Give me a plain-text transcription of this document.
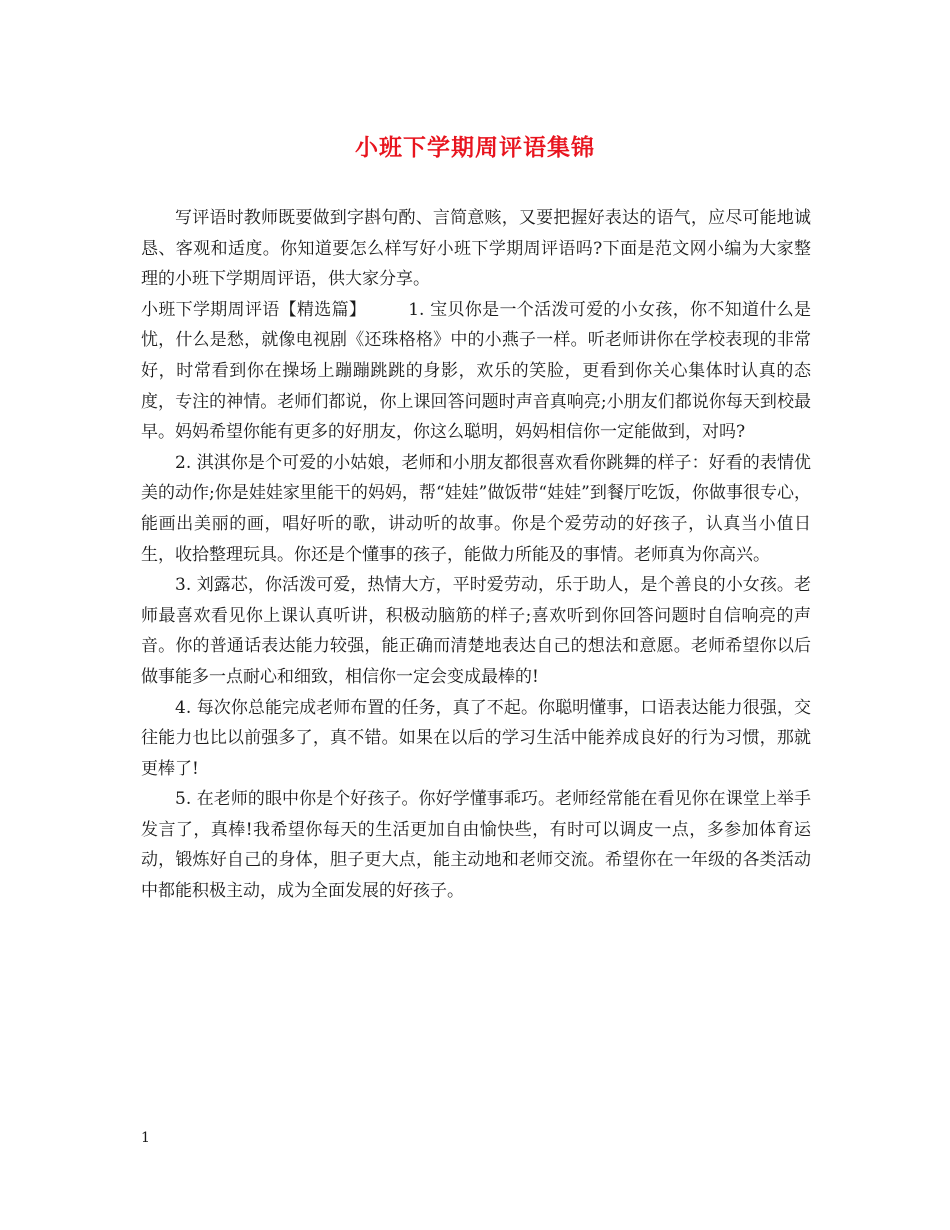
小班下学期周评语集锦

写评语时教师既要做到字斟句酌、言简意赅，又要把握好表达的语气，应尽可能地诚恳、客观和适度。你知道要怎么样写好小班下学期周评语吗?下面是范文网小编为大家整理的小班下学期周评语，供大家分享。

小班下学期周评语【精选篇】 1. 宝贝你是一个活泼可爱的小女孩，你不知道什么是忧，什么是愁，就像电视剧《还珠格格》中的小燕子一样。听老师讲你在学校表现的非常好，时常看到你在操场上蹦蹦跳跳的身影，欢乐的笑脸，更看到你关心集体时认真的态度，专注的神情。老师们都说，你上课回答问题时声音真响亮;小朋友们都说你每天到校最早。妈妈希望你能有更多的好朋友，你这么聪明，妈妈相信你一定能做到，对吗?

2. 淇淇你是个可爱的小姑娘，老师和小朋友都很喜欢看你跳舞的样子：好看的表情优美的动作;你是娃娃家里能干的妈妈，帮“娃娃”做饭带“娃娃”到餐厅吃饭，你做事很专心，能画出美丽的画，唱好听的歌，讲动听的故事。你是个爱劳动的好孩子，认真当小值日生，收拾整理玩具。你还是个懂事的孩子，能做力所能及的事情。老师真为你高兴。

3. 刘露芯，你活泼可爱，热情大方，平时爱劳动，乐于助人，是个善良的小女孩。老师最喜欢看见你上课认真听讲，积极动脑筋的样子;喜欢听到你回答问题时自信响亮的声音。你的普通话表达能力较强，能正确而清楚地表达自己的想法和意愿。老师希望你以后做事能多一点耐心和细致，相信你一定会变成最棒的!

4. 每次你总能完成老师布置的任务，真了不起。你聪明懂事，口语表达能力很强，交往能力也比以前强多了，真不错。如果在以后的学习生活中能养成良好的行为习惯，那就更棒了!

5. 在老师的眼中你是个好孩子。你好学懂事乖巧。老师经常能在看见你在课堂上举手发言了，真棒!我希望你每天的生活更加自由愉快些，有时可以调皮一点，多参加体育运动，锻炼好自己的身体，胆子更大点，能主动地和老师交流。希望你在一年级的各类活动中都能积极主动，成为全面发展的好孩子。

1
